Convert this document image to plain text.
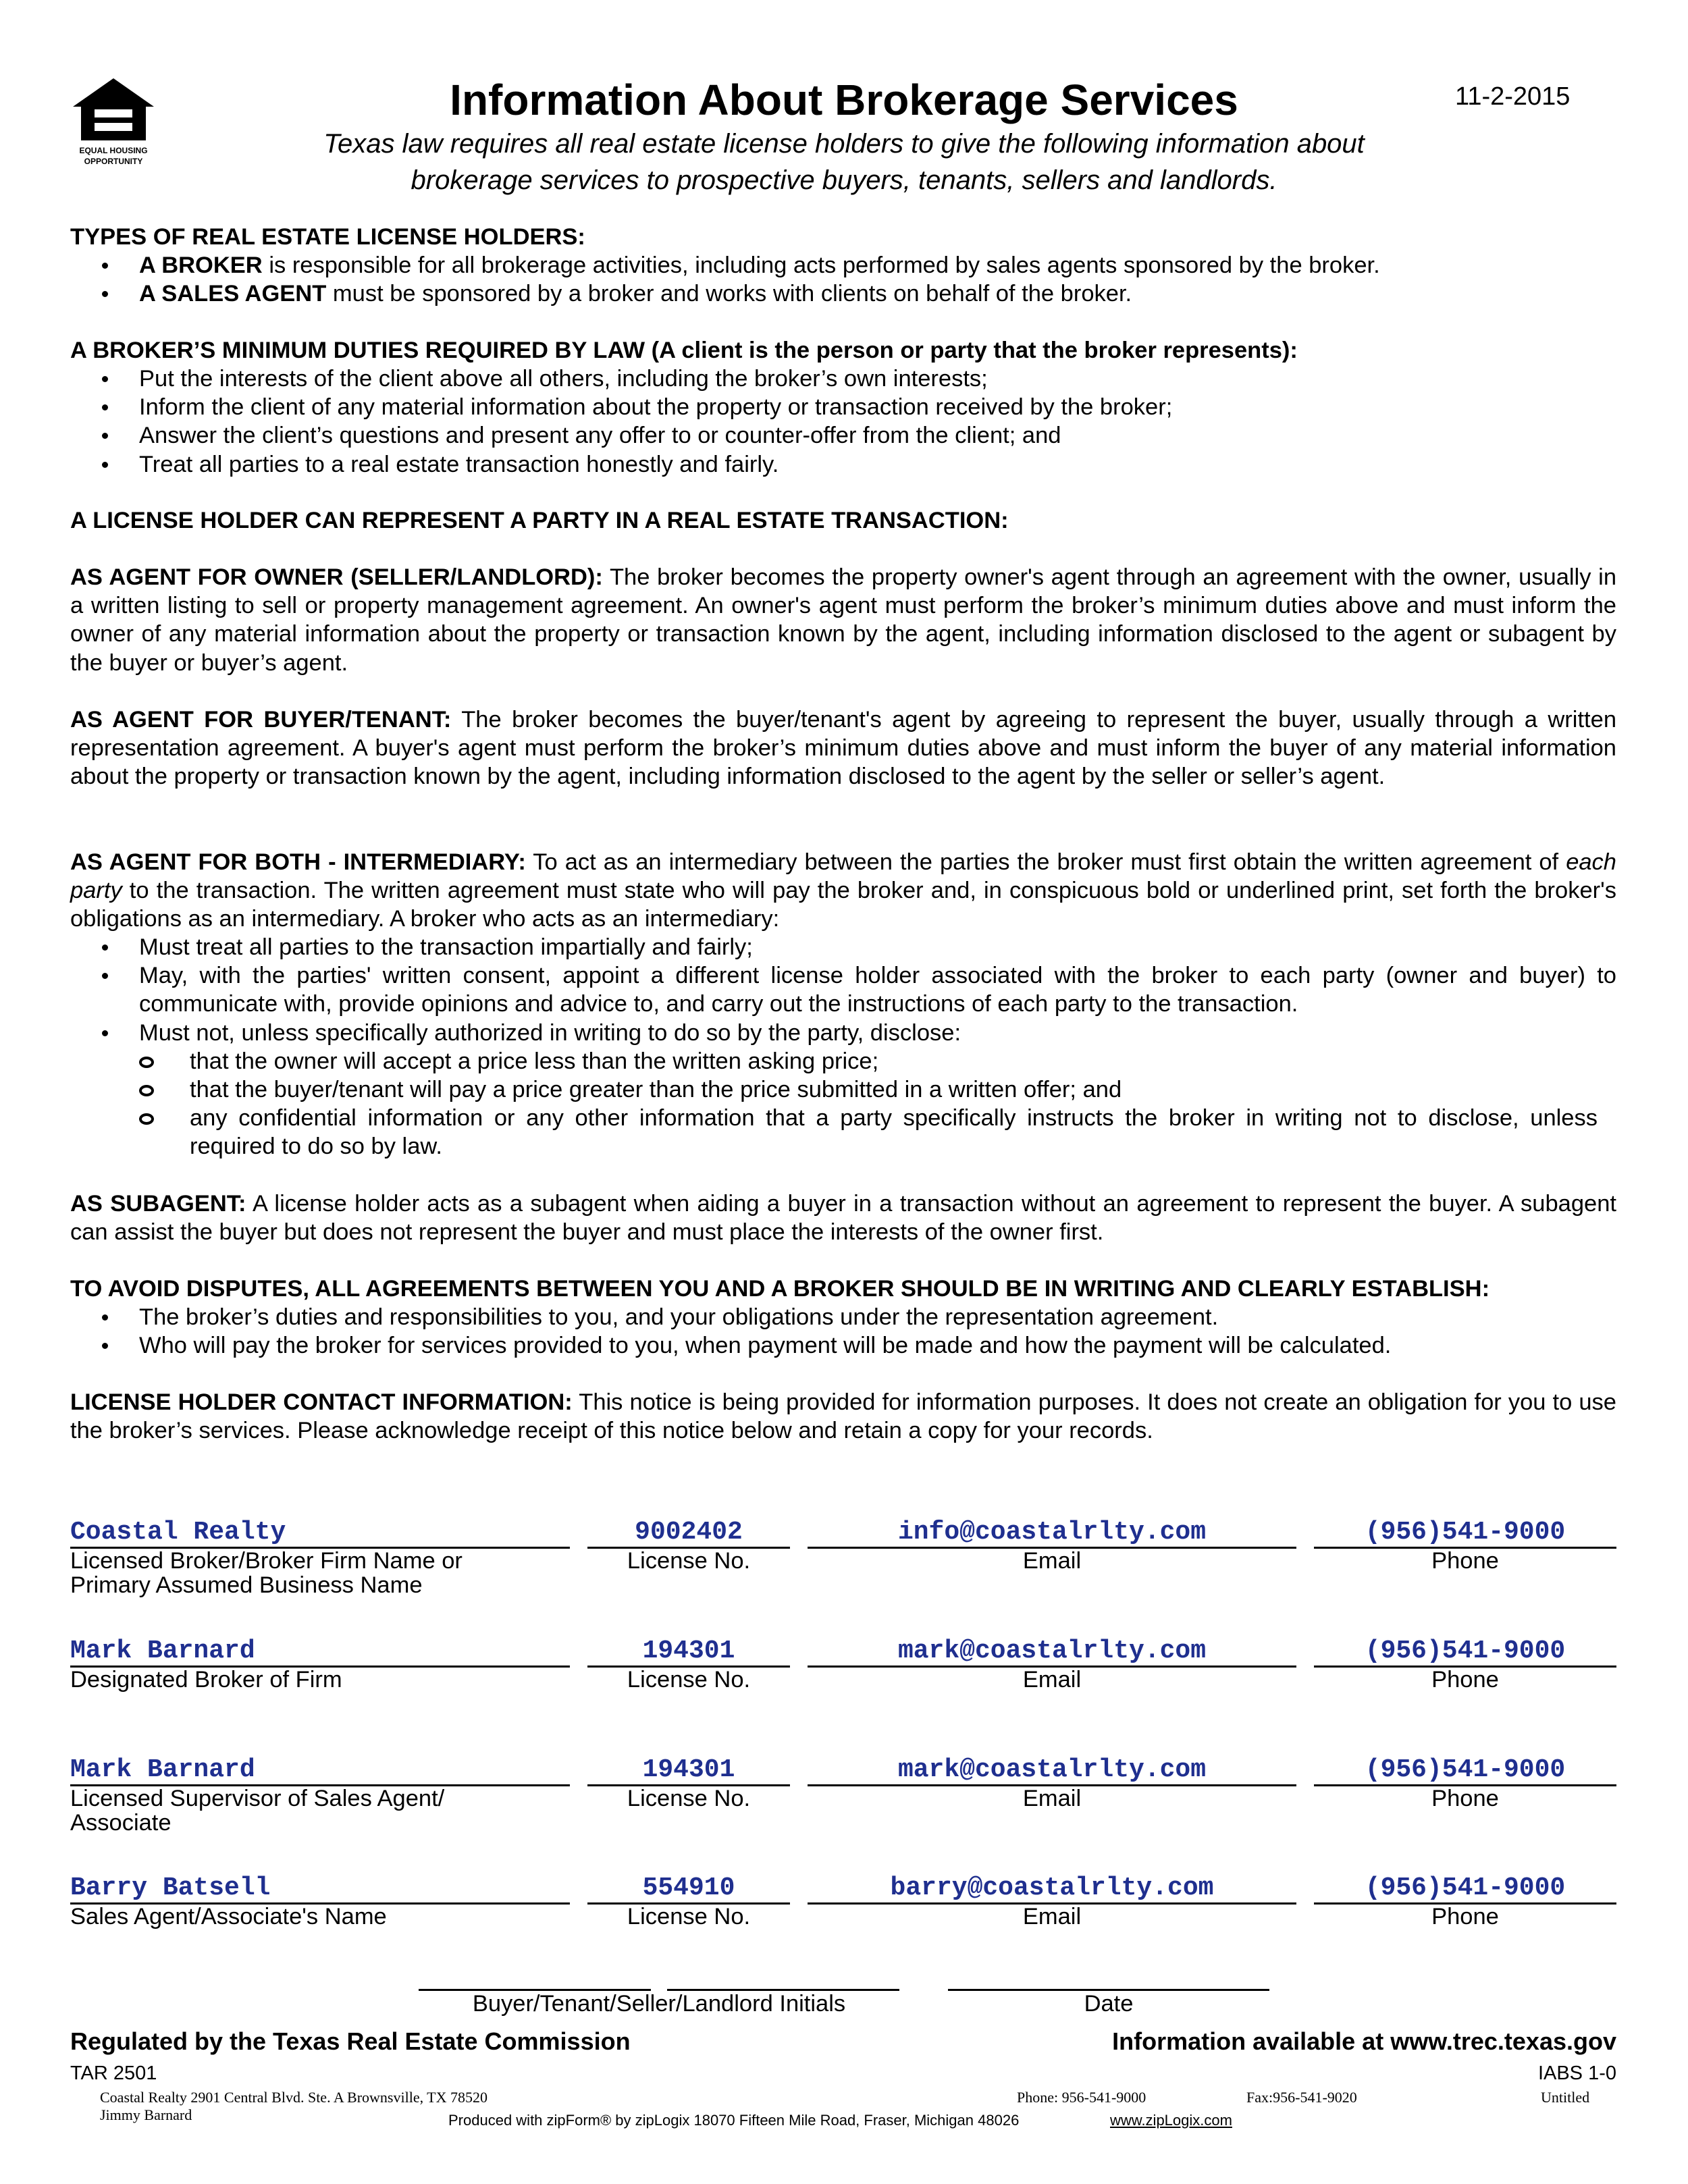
EQUAL HOUSING
OPPORTUNITY
Information About Brokerage Services	11-2-2015
Texas law requires all real estate license holders to give the following information about
brokerage services to prospective buyers, tenants, sellers and landlords.
TYPES OF REAL ESTATE LICENSE HOLDERS:
A BROKER is responsible for all brokerage activities, including acts performed by sales agents sponsored by the broker.
A SALES AGENT must be sponsored by a broker and works with clients on behalf of the broker.
A BROKER’S MINIMUM DUTIES REQUIRED BY LAW (A client is the person or party that the broker represents):
Put the interests of the client above all others, including the broker’s own interests;
Inform the client of any material information about the property or transaction received by the broker;
Answer the client’s questions and present any offer to or counter-offer from the client; and
Treat all parties to a real estate transaction honestly and fairly.
A LICENSE HOLDER CAN REPRESENT A PARTY IN A REAL ESTATE TRANSACTION:
AS AGENT FOR OWNER (SELLER/LANDLORD): The broker becomes the property owner's agent through an agreement with the owner, usually in a written listing to sell or property management agreement. An owner's agent must perform the broker’s minimum duties above and must inform the owner of any material information about the property or transaction known by the agent, including information disclosed to the agent or subagent by the buyer or buyer’s agent.
AS AGENT FOR BUYER/TENANT: The broker becomes the buyer/tenant's agent by agreeing to represent the buyer, usually through a written representation agreement. A buyer's agent must perform the broker’s minimum duties above and must inform the buyer of any material information about the property or transaction known by the agent, including information disclosed to the agent by the seller or seller’s agent.
AS AGENT FOR BOTH - INTERMEDIARY: To act as an intermediary between the parties the broker must first obtain the written agreement of each party to the transaction. The written agreement must state who will pay the broker and, in conspicuous bold or underlined print, set forth the broker's obligations as an intermediary. A broker who acts as an intermediary:
Must treat all parties to the transaction impartially and fairly;
May, with the parties' written consent, appoint a different license holder associated with the broker to each party (owner and buyer) to communicate with, provide opinions and advice to, and carry out the instructions of each party to the transaction.
Must not, unless specifically authorized in writing to do so by the party, disclose:
that the owner will accept a price less than the written asking price;
that the buyer/tenant will pay a price greater than the price submitted in a written offer; and
any confidential information or any other information that a party specifically instructs the broker in writing not to disclose, unless required to do so by law.
AS SUBAGENT: A license holder acts as a subagent when aiding a buyer in a transaction without an agreement to represent the buyer. A subagent can assist the buyer but does not represent the buyer and must place the interests of the owner first.
TO AVOID DISPUTES, ALL AGREEMENTS BETWEEN YOU AND A BROKER SHOULD BE IN WRITING AND CLEARLY ESTABLISH:
The broker’s duties and responsibilities to you, and your obligations under the representation agreement.
Who will pay the broker for services provided to you, when payment will be made and how the payment will be calculated.
LICENSE HOLDER CONTACT INFORMATION: This notice is being provided for information purposes. It does not create an obligation for you to use the broker’s services. Please acknowledge receipt of this notice below and retain a copy for your records.
Coastal Realty	9002402	info@coastalrlty.com	(956)541-9000
Licensed Broker/Broker Firm Name or
Primary Assumed Business Name
License No.	Email	Phone
Mark Barnard	194301	mark@coastalrlty.com	(956)541-9000
Designated Broker of Firm	License No.	Email	Phone
Mark Barnard	194301	mark@coastalrlty.com	(956)541-9000
Licensed Supervisor of Sales Agent/
Associate
License No.	Email	Phone
Barry Batsell	554910	barry@coastalrlty.com	(956)541-9000
Sales Agent/Associate's Name	License No.	Email	Phone
Buyer/Tenant/Seller/Landlord Initials	Date
Regulated by the Texas Real Estate Commission	Information available at www.trec.texas.gov
TAR 2501	IABS 1-0
Coastal Realty 2901 Central Blvd. Ste. A Brownsville, TX 78520
Jimmy Barnard
Phone: 956-541-9000	Fax:956-541-9020	Untitled
Produced with zipForm® by zipLogix 18070 Fifteen Mile Road, Fraser, Michigan 48026	www.zipLogix.com
